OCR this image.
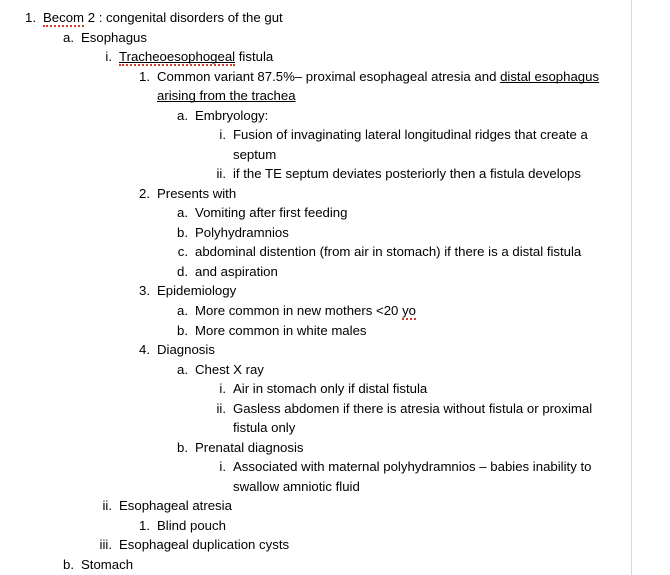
1. Becom 2 : congenital disorders of the gut
a. Esophagus
i. Tracheoesophogeal fistula
1. Common variant 87.5%– proximal esophageal atresia and distal esophagus arising from the trachea
a. Embryology:
i. Fusion of invaginating lateral longitudinal ridges that create a septum
ii. if the TE septum deviates posteriorly then a fistula develops
2. Presents with
a. Vomiting after first feeding
b. Polyhydramnios
c. abdominal distention (from air in stomach) if there is a distal fistula
d. and aspiration
3. Epidemiology
a. More common in new mothers <20 yo
b. More common in white males
4. Diagnosis
a. Chest X ray
i. Air in stomach only if distal fistula
ii. Gasless abdomen if there is atresia without fistula or proximal fistula only
b. Prenatal diagnosis
i. Associated with maternal polyhydramnios – babies inability to swallow amniotic fluid
ii. Esophageal atresia
1. Blind pouch
iii. Esophageal duplication cysts
b. Stomach
